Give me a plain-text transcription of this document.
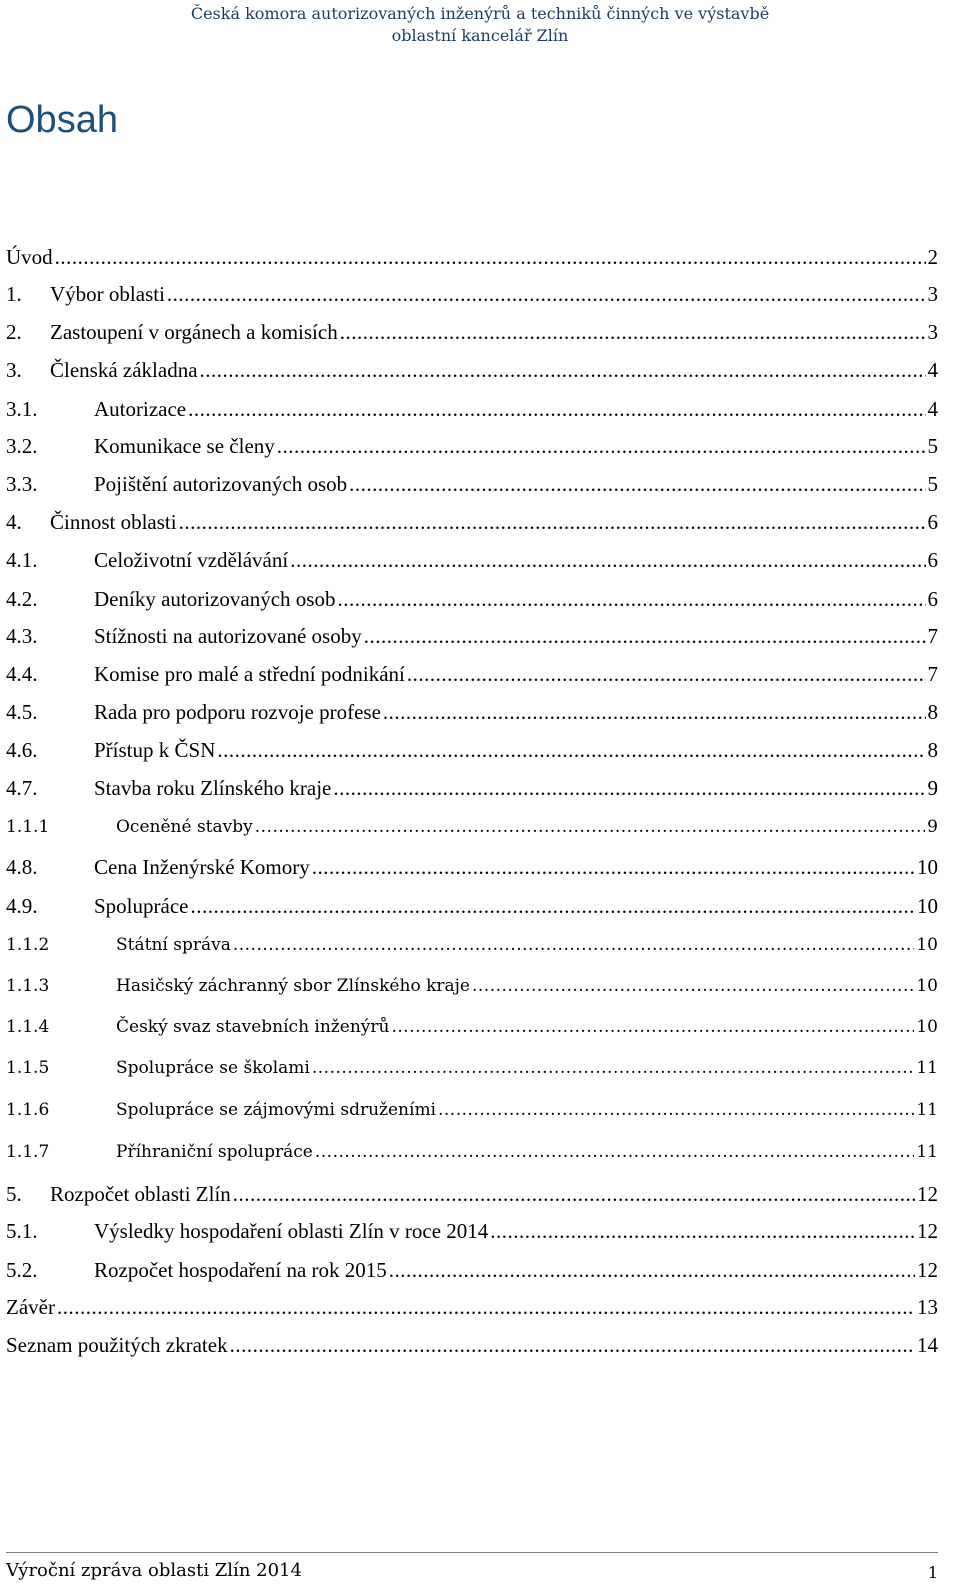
Česká komora autorizovaných inženýrů a techniků činných ve výstavbě
oblastní kancelář Zlín
Obsah
Úvod .....	2
1.	Výbor oblasti .....	3
2.	Zastoupení v orgánech a komisích .....	3
3.	Členská základna .....	4
3.1.	Autorizace .....	4
3.2.	Komunikace se členy .....	5
3.3.	Pojištění autorizovaných osob .....	5
4.	Činnost oblasti .....	6
4.1.	Celoživotní vzdělávání .....	6
4.2.	Deníky autorizovaných osob .....	6
4.3.	Stížnosti na autorizované osoby .....	7
4.4.	Komise pro malé a střední podnikání .....	7
4.5.	Rada pro podporu rozvoje profese .....	8
4.6.	Přístup k ČSN .....	8
4.7.	Stavba roku Zlínského kraje .....	9
1.1.1	Oceněné stavby .....	9
4.8.	Cena Inženýrské Komory .....	10
4.9.	Spolupráce .....	10
1.1.2	Státní správa .....	10
1.1.3	Hasičský záchranný sbor Zlínského kraje .....	10
1.1.4	Český svaz stavebních inženýrů .....	10
1.1.5	Spolupráce se školami .....	11
1.1.6	Spolupráce se zájmovými sdruženími .....	11
1.1.7	Příhraniční spolupráce .....	11
5.	Rozpočet oblasti Zlín .....	12
5.1.	Výsledky hospodaření oblasti Zlín v roce 2014 .....	12
5.2.	Rozpočet hospodaření na rok 2015 .....	12
Závěr .....	13
Seznam použitých zkratek .....	14
Výroční zpráva oblasti Zlín 2014	1
